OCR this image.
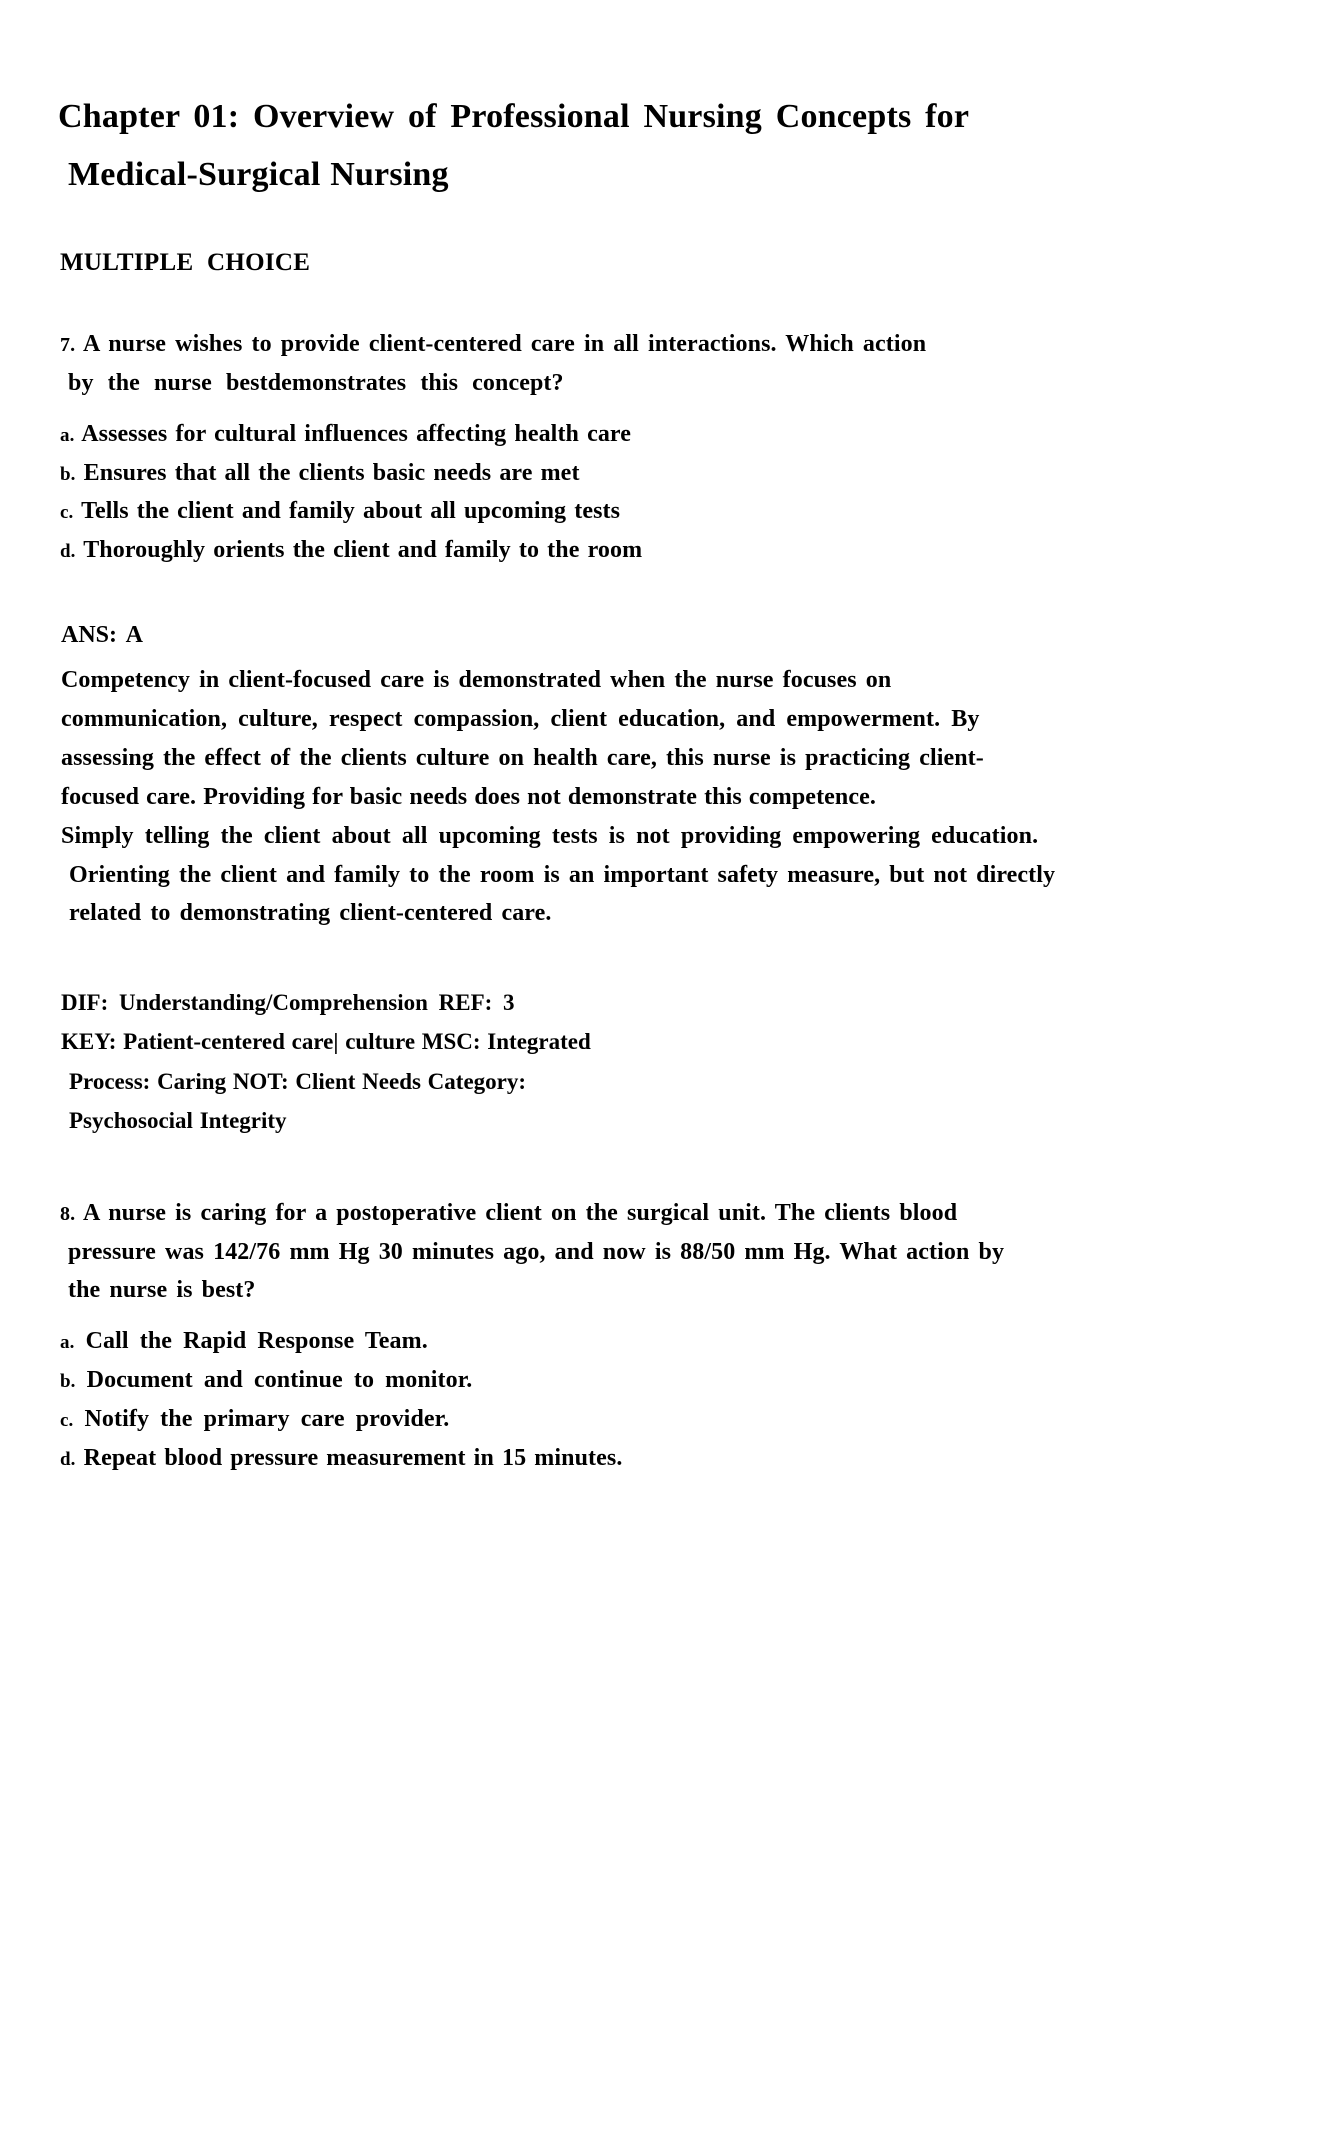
Chapter 01: Overview of Professional Nursing Concepts for
Medical-Surgical Nursing
MULTIPLE CHOICE
7. A nurse wishes to provide client-centered care in all interactions. Which action
by the nurse bestdemonstrates this concept?
a. Assesses for cultural influences affecting health care
b. Ensures that all the clients basic needs are met
c. Tells the client and family about all upcoming tests
d. Thoroughly orients the client and family to the room
ANS: A
Competency in client-focused care is demonstrated when the nurse focuses on
communication, culture, respect compassion, client education, and empowerment. By
assessing the effect of the clients culture on health care, this nurse is practicing client-
focused care. Providing for basic needs does not demonstrate this competence.
Simply telling the client about all upcoming tests is not providing empowering education.
Orienting the client and family to the room is an important safety measure, but not directly
related to demonstrating client-centered care.
DIF: Understanding/Comprehension REF: 3
KEY: Patient-centered care| culture MSC: Integrated
Process: Caring NOT: Client Needs Category:
Psychosocial Integrity
8. A nurse is caring for a postoperative client on the surgical unit. The clients blood
pressure was 142/76 mm Hg 30 minutes ago, and now is 88/50 mm Hg. What action by
the nurse is best?
a. Call the Rapid Response Team.
b. Document and continue to monitor.
c. Notify the primary care provider.
d. Repeat blood pressure measurement in 15 minutes.
